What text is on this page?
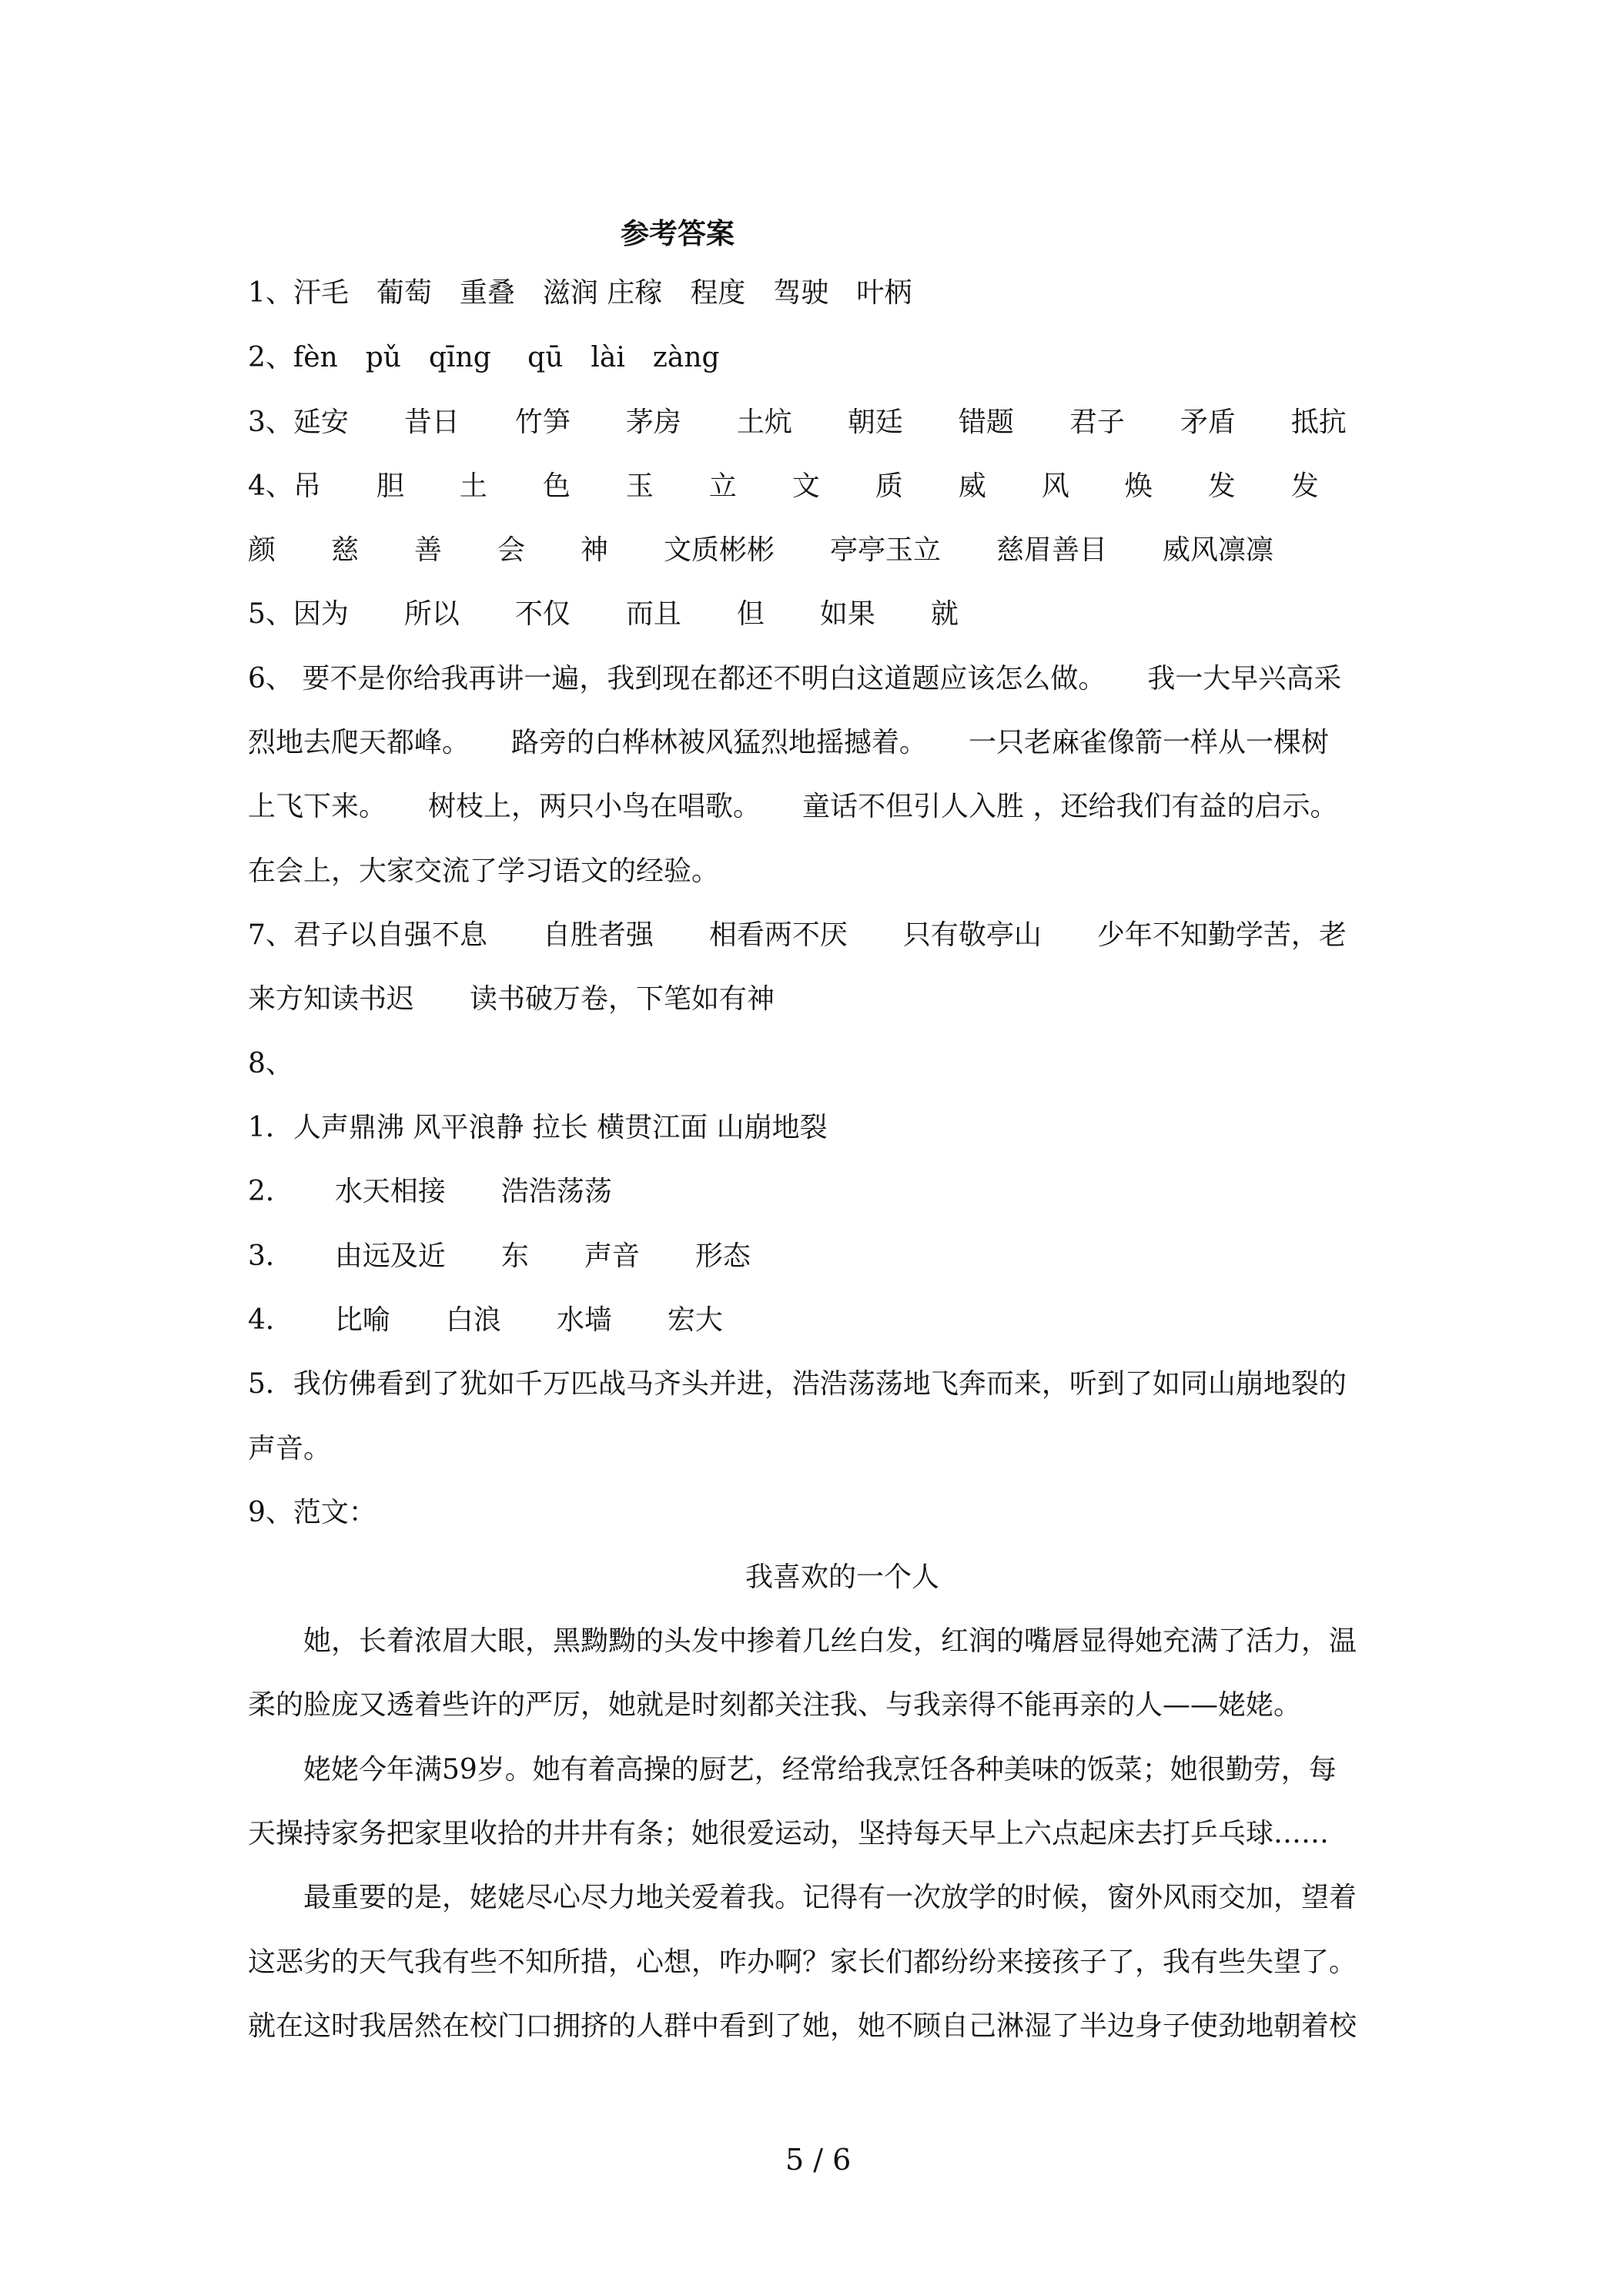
参考答案
1、汗毛　葡萄　重叠　滋润 庄稼　程度　驾驶　叶柄
2、fèn　pǔ　qīng　 qū　lài　zàng
3、延安　　昔日　　竹笋　　茅房　　土炕　　朝廷　　错题　　君子　　矛盾　　抵抗
4、吊　　胆　　土　　色　　玉　　立　　文　　质　　威　　风　　焕　　发　　发
颜　　慈　　善　　会　　神　　文质彬彬　　亭亭玉立　　慈眉善目　　威风凛凛
5、因为　　所以　　不仅　　而且　　但　　如果　　就
6、 要不是你给我再讲一遍，我到现在都还不明白这道题应该怎么做。　　我一大早兴高采
烈地去爬天都峰。　　路旁的白桦林被风猛烈地摇撼着。　　一只老麻雀像箭一样从一棵树
上飞下来。　　树枝上，两只小鸟在唱歌。　　童话不但引人入胜 ，还给我们有益的启示。
在会上，大家交流了学习语文的经验。
7、君子以自强不息　　自胜者强　　相看两不厌　　只有敬亭山　　少年不知勤学苦，老
来方知读书迟　　读书破万卷，下笔如有神
8、
1．人声鼎沸 风平浪静 拉长 横贯江面 山崩地裂
2．　　水天相接　　浩浩荡荡
3．　　由远及近　　东　　声音　　形态
4．　　比喻　　白浪　　水墙　　宏大
5．我仿佛看到了犹如千万匹战马齐头并进，浩浩荡荡地飞奔而来，听到了如同山崩地裂的
声音。
9、范文：
我喜欢的一个人
　　她，长着浓眉大眼，黑黝黝的头发中掺着几丝白发，红润的嘴唇显得她充满了活力，温
柔的脸庞又透着些许的严厉，她就是时刻都关注我、与我亲得不能再亲的人——姥姥。
　　姥姥今年满59岁。她有着高操的厨艺，经常给我烹饪各种美味的饭菜；她很勤劳，每
天操持家务把家里收拾的井井有条；她很爱运动，坚持每天早上六点起床去打乒乓球……
　　最重要的是，姥姥尽心尽力地关爱着我。记得有一次放学的时候，窗外风雨交加，望着
这恶劣的天气我有些不知所措，心想，咋办啊？家长们都纷纷来接孩子了，我有些失望了。
就在这时我居然在校门口拥挤的人群中看到了她，她不顾自己淋湿了半边身子使劲地朝着校
5 / 6
